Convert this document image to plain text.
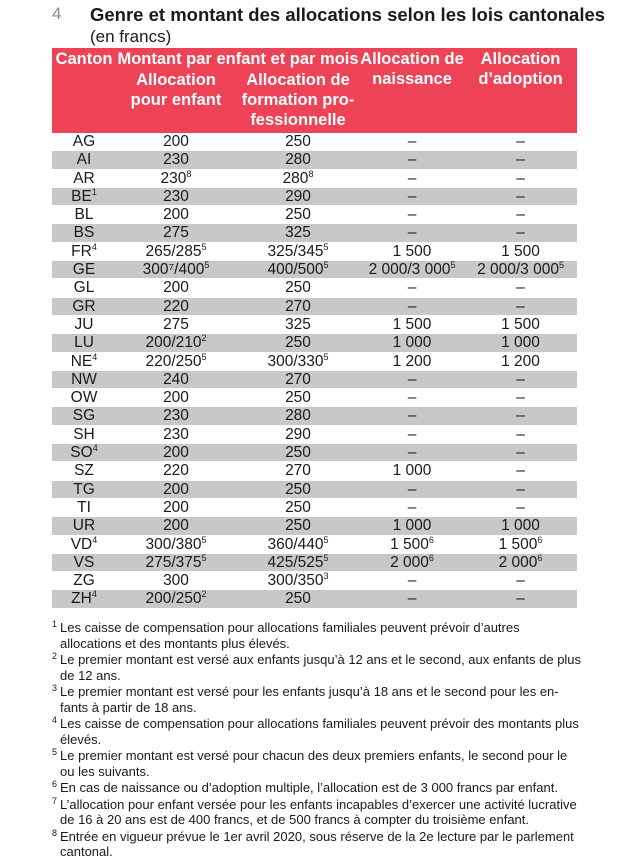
4 Genre et montant des allocations selon les lois cantonales (en francs)
Canton	Montant par enfant et par mois		Allocation de naissance	Allocation d’adoption
	Allocation pour enfant	Allocation de formation pro- fessionnelle		
AG	200	250	–	–
AI	230	280	–	–
AR	$230^8$	$280^8$	–	–
$BE^1$	230	290	–	–
BL	200	250	–	–
BS	275	325	–	–
$FR^4$	$265/285^5$	$325/345^5$	1 500	1 500
GE	$300^7/400^5$	$400/500^5$	2 000/3 $000^5$	2 000/3 $000^5$
GL	200	250	–	–
GR	220	270	–	–
JU	275	325	1 500	1 500
LU	$200/210^2$	250	1 000	1 000
$NE^4$	$220/250^5$	$300/330^5$	1 200	1 200
NW	240	270	–	–
OW	200	250	–	–
SG	230	280	–	–
SH	230	290	–	–
$SO^4$	200	250	–	–
SZ	220	270	1 000	–
TG	200	250	–	–
TI	200	250	–	–
UR	200	250	1 000	1 000
$VD^4$	$300/380^5$	$360/440^5$	1 $500^6$	1 $500^6$
VS	$275/375^5$	$425/525^5$	2 $000^6$	2 $000^6$
ZG	300	$300/350^3$	–	–
$ZH^4$	$200/250^2$	250	–	–
1 Les caisse de compensation pour allocations familiales peuvent prévoir d’autres allocations et des montants plus élevés.
2 Le premier montant est versé aux enfants jusqu’à 12 ans et le second, aux enfants de plus de 12 ans.
3 Le premier montant est versé pour les enfants jusqu’à 18 ans et le second pour les en- fants à partir de 18 ans.
4 Les caisse de compensation pour allocations familiales peuvent prévoir des montants plus élevés.
5 Le premier montant est versé pour chacun des deux premiers enfants, le second pour le ou les suivants.
6 En cas de naissance ou d’adoption multiple, l’allocation est de 3 000 francs par enfant.
7 L’allocation pour enfant versée pour les enfants incapables d’exercer une activité lucrative de 16 à 20 ans est de 400 francs, et de 500 francs à compter du troisième enfant.
8 Entrée en vigueur prévue le 1er avril 2020, sous réserve de la 2e lecture par le parlement cantonal.
